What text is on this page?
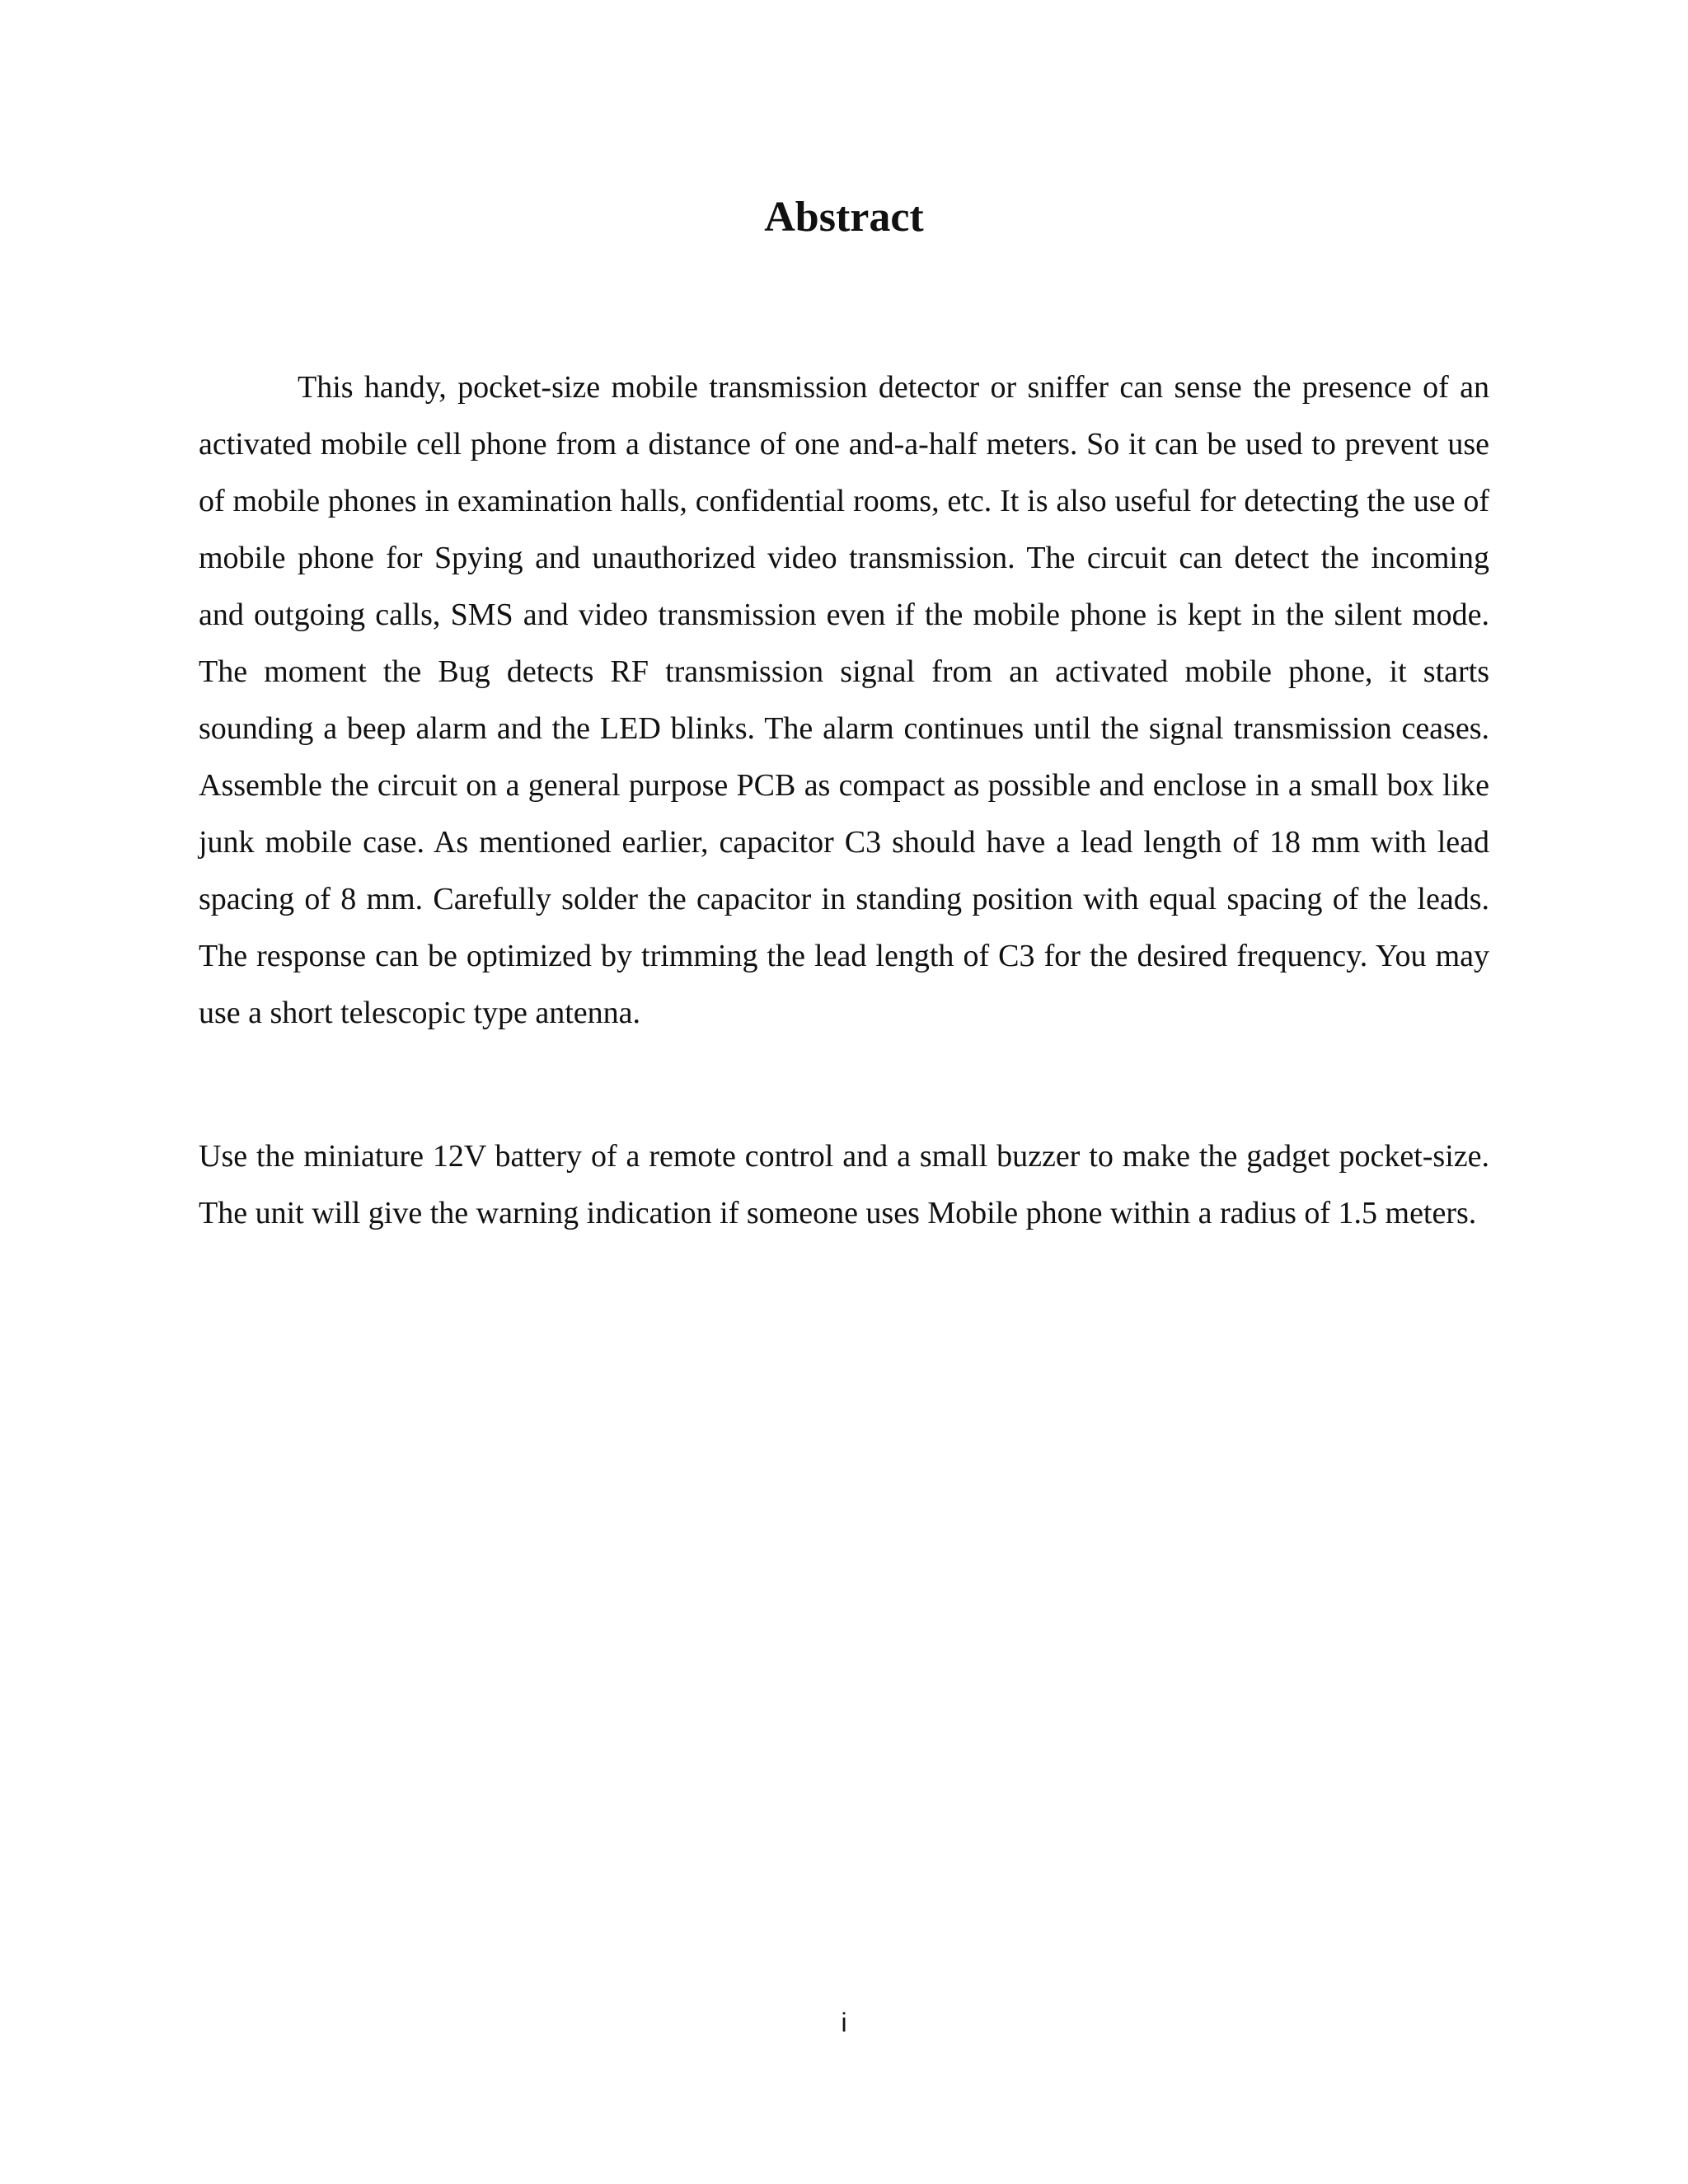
Abstract

This handy, pocket-size mobile transmission detector or sniffer can sense the presence of an activated mobile cell phone from a distance of one and-a-half meters. So it can be used to prevent use of mobile phones in examination halls, confidential rooms, etc. It is also useful for detecting the use of mobile phone for Spying and unauthorized video transmission. The circuit can detect the incoming and outgoing calls, SMS and video transmission even if the mobile phone is kept in the silent mode. The moment the Bug detects RF transmission signal from an activated mobile phone, it starts sounding a beep alarm and the LED blinks. The alarm continues until the signal transmission ceases. Assemble the circuit on a general purpose PCB as compact as possible and enclose in a small box like junk mobile case. As mentioned earlier, capacitor C3 should have a lead length of 18 mm with lead spacing of 8 mm. Carefully solder the capacitor in standing position with equal spacing of the leads. The response can be optimized by trimming the lead length of C3 for the desired frequency. You may use a short telescopic type antenna.

Use the miniature 12V battery of a remote control and a small buzzer to make the gadget pocket-size. The unit will give the warning indication if someone uses Mobile phone within a radius of 1.5 meters.

i
